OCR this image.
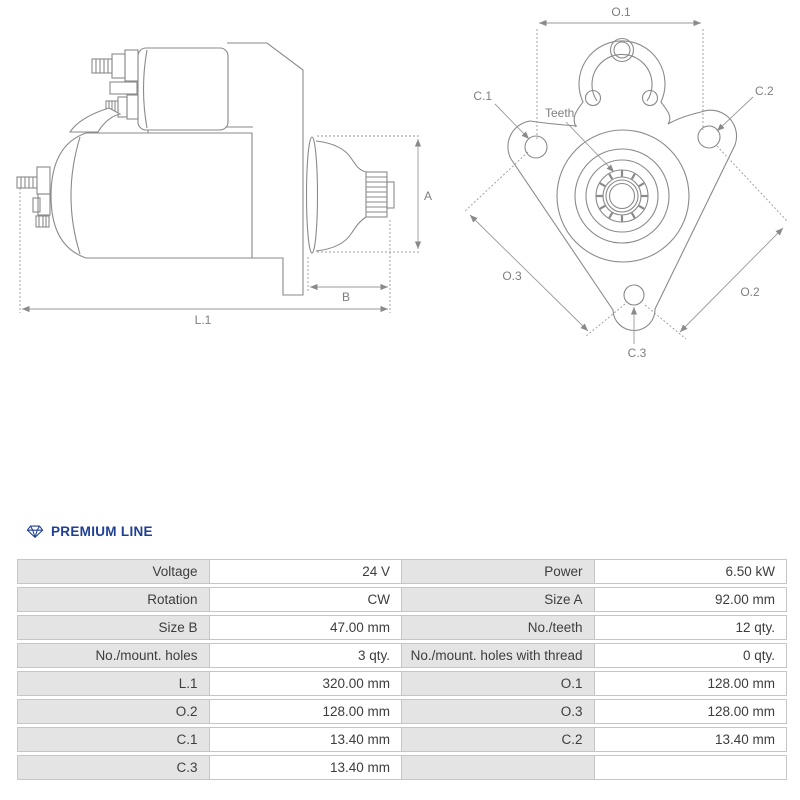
A
B
L.1
O.1
C.1	C.2
Teeth
C.3
O.3
O.2
PREMIUM LINE
Voltage	24 V	Power	6.50 kW
Rotation	CW	Size A	92.00 mm
Size B	47.00 mm	No./teeth	12 qty.
No./mount. holes	3 qty.	No./mount. holes with thread	0 qty.
L.1	320.00 mm	O.1	128.00 mm
O.2	128.00 mm	O.3	128.00 mm
C.1	13.40 mm	C.2	13.40 mm
C.3	13.40 mm		
